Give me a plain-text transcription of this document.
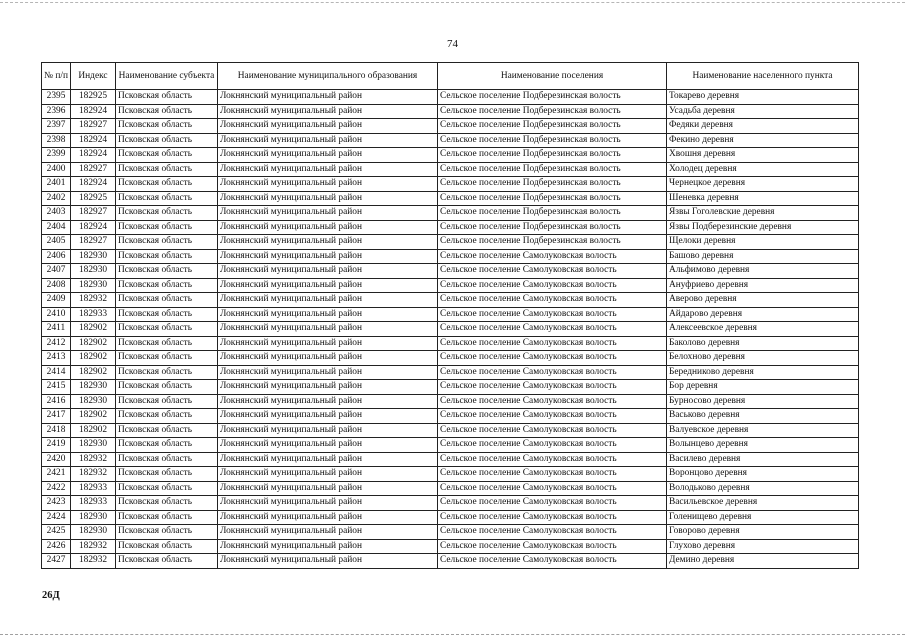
74
№ п/п	Индекс	Наименование субъекта	Наименование муниципального образования	Наименование поселения	Наименование населенного пункта
2395	182925	Псковская область	Локнянский муниципальный район	Сельское поселение Подберезинская волость	Токарево деревня
2396	182924	Псковская область	Локнянский муниципальный район	Сельское поселение Подберезинская волость	Усадьба деревня
2397	182927	Псковская область	Локнянский муниципальный район	Сельское поселение Подберезинская волость	Федяки деревня
2398	182924	Псковская область	Локнянский муниципальный район	Сельское поселение Подберезинская волость	Фекино деревня
2399	182924	Псковская область	Локнянский муниципальный район	Сельское поселение Подберезинская волость	Хвошня деревня
2400	182927	Псковская область	Локнянский муниципальный район	Сельское поселение Подберезинская волость	Холодец деревня
2401	182924	Псковская область	Локнянский муниципальный район	Сельское поселение Подберезинская волость	Чернецкое деревня
2402	182925	Псковская область	Локнянский муниципальный район	Сельское поселение Подберезинская волость	Шеневка деревня
2403	182927	Псковская область	Локнянский муниципальный район	Сельское поселение Подберезинская волость	Язвы Гоголевские деревня
2404	182924	Псковская область	Локнянский муниципальный район	Сельское поселение Подберезинская волость	Язвы Подберезинские деревня
2405	182927	Псковская область	Локнянский муниципальный район	Сельское поселение Подберезинская волость	Щелоки деревня
2406	182930	Псковская область	Локнянский муниципальный район	Сельское поселение Самолуковская волость	Башово деревня
2407	182930	Псковская область	Локнянский муниципальный район	Сельское поселение Самолуковская волость	Альфимово деревня
2408	182930	Псковская область	Локнянский муниципальный район	Сельское поселение Самолуковская волость	Ануфриево деревня
2409	182932	Псковская область	Локнянский муниципальный район	Сельское поселение Самолуковская волость	Аверово деревня
2410	182933	Псковская область	Локнянский муниципальный район	Сельское поселение Самолуковская волость	Айдарово деревня
2411	182902	Псковская область	Локнянский муниципальный район	Сельское поселение Самолуковская волость	Алексеевское деревня
2412	182902	Псковская область	Локнянский муниципальный район	Сельское поселение Самолуковская волость	Баколово деревня
2413	182902	Псковская область	Локнянский муниципальный район	Сельское поселение Самолуковская волость	Белохново деревня
2414	182902	Псковская область	Локнянский муниципальный район	Сельское поселение Самолуковская волость	Бередниково деревня
2415	182930	Псковская область	Локнянский муниципальный район	Сельское поселение Самолуковская волость	Бор деревня
2416	182930	Псковская область	Локнянский муниципальный район	Сельское поселение Самолуковская волость	Бурносово деревня
2417	182902	Псковская область	Локнянский муниципальный район	Сельское поселение Самолуковская волость	Васьково деревня
2418	182902	Псковская область	Локнянский муниципальный район	Сельское поселение Самолуковская волость	Валуевское деревня
2419	182930	Псковская область	Локнянский муниципальный район	Сельское поселение Самолуковская волость	Волынцево деревня
2420	182932	Псковская область	Локнянский муниципальный район	Сельское поселение Самолуковская волость	Василево деревня
2421	182932	Псковская область	Локнянский муниципальный район	Сельское поселение Самолуковская волость	Воронцово деревня
2422	182933	Псковская область	Локнянский муниципальный район	Сельское поселение Самолуковская волость	Володьково деревня
2423	182933	Псковская область	Локнянский муниципальный район	Сельское поселение Самолуковская волость	Васильевское деревня
2424	182930	Псковская область	Локнянский муниципальный район	Сельское поселение Самолуковская волость	Голенищево деревня
2425	182930	Псковская область	Локнянский муниципальный район	Сельское поселение Самолуковская волость	Говорово деревня
2426	182932	Псковская область	Локнянский муниципальный район	Сельское поселение Самолуковская волость	Глухово деревня
2427	182932	Псковская область	Локнянский муниципальный район	Сельское поселение Самолуковская волость	Демино деревня
26Д
